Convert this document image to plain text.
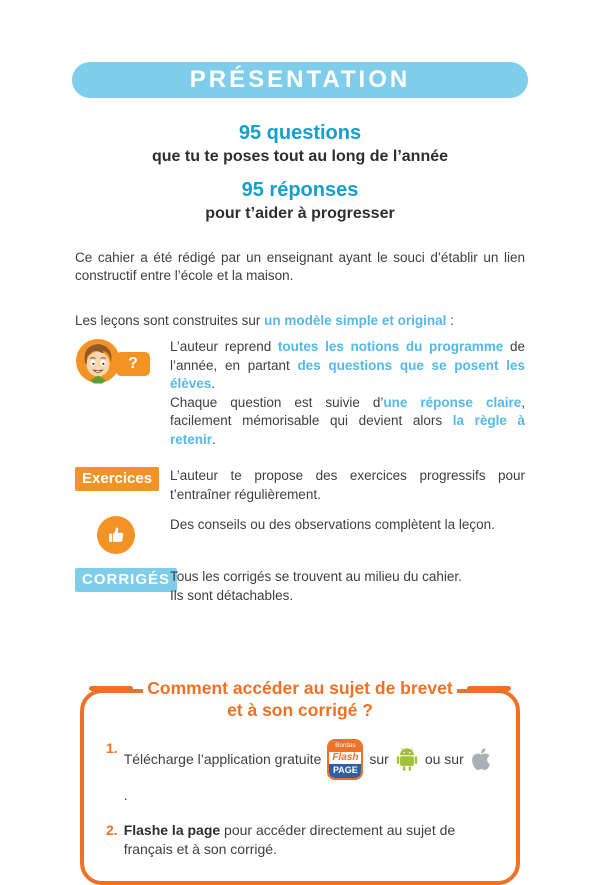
PRÉSENTATION
95 questions
que tu te poses tout au long de l’année
95 réponses
pour t’aider à progresser

Ce cahier a été rédigé par un enseignant ayant le souci d’établir un lien constructif entre l’école et la maison.

Les leçons sont construites sur un modèle simple et original :

?

L’auteur reprend toutes les notions du programme de l’année, en partant des questions que se posent les élèves.

Chaque question est suivie d’une réponse claire, facilement mémorisable qui devient alors la règle à retenir.

Exercices	L’auteur te propose des exercices progressifs pour t’entraîner régulièrement.
Des conseils ou des observations complètent la leçon.
CORRIGÉS Tous les corrigés se trouvent au milieu du cahier.
Ils sont détachables.
Comment accéder au sujet de brevet
et à son corrigé ?
1.
Télécharge l’application gratuite
Bordas
Flash
PAGE
sur	ou sur
.
2. Flashe la page pour accéder directement au sujet de français et à son corrigé.
